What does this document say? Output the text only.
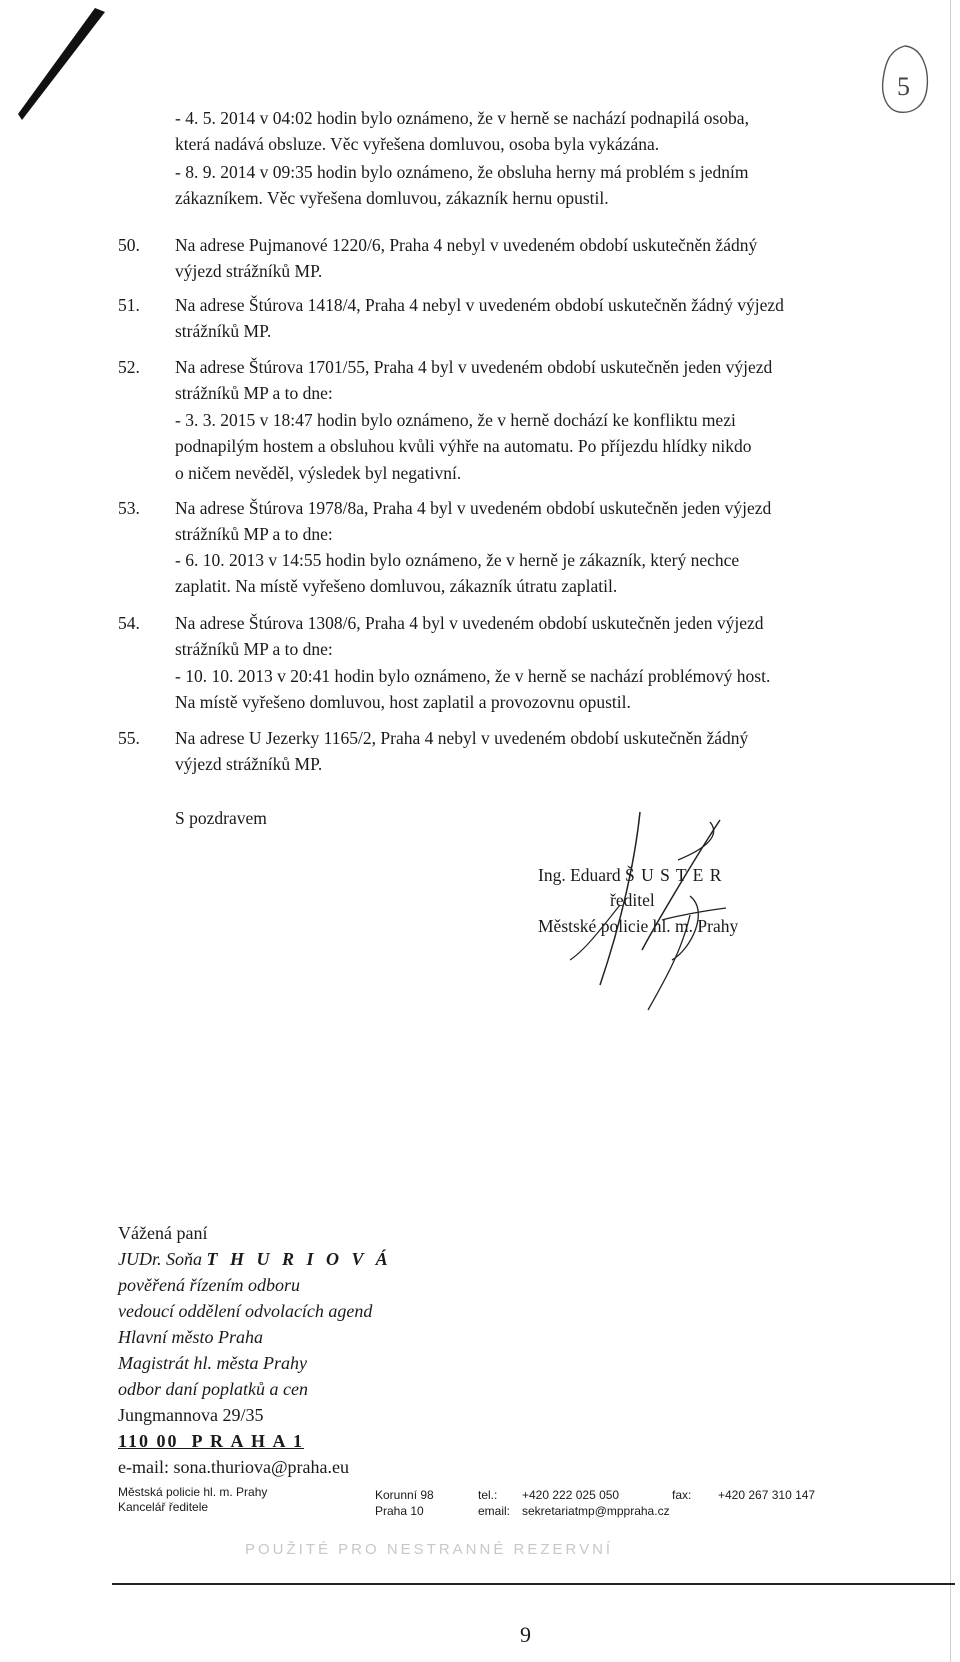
5
- 4. 5. 2014 v 04:02 hodin bylo oznámeno, že v herně se nachází podnapilá osoba,
která nadává obsluze. Věc vyřešena domluvou, osoba byla vykázána.
- 8. 9. 2014 v 09:35 hodin bylo oznámeno, že obsluha herny má problém s jedním
zákazníkem. Věc vyřešena domluvou, zákazník hernu opustil.
50. Na adrese Pujmanové 1220/6, Praha 4 nebyl v uvedeném období uskutečněn žádný
výjezd strážníků MP.
51. Na adrese Štúrova 1418/4, Praha 4 nebyl v uvedeném období uskutečněn žádný výjezd
strážníků MP.
52. Na adrese Štúrova 1701/55, Praha 4 byl v uvedeném období uskutečněn jeden výjezd
strážníků MP a to dne:
- 3. 3. 2015 v 18:47 hodin bylo oznámeno, že v herně dochází ke konfliktu mezi
podnapilým hostem a obsluhou kvůli výhře na automatu. Po příjezdu hlídky nikdo
o ničem nevěděl, výsledek byl negativní.
53. Na adrese Štúrova 1978/8a, Praha 4 byl v uvedeném období uskutečněn jeden výjezd
strážníků MP a to dne:
- 6. 10. 2013 v 14:55 hodin bylo oznámeno, že v herně je zákazník, který nechce
zaplatit. Na místě vyřešeno domluvou, zákazník útratu zaplatil.
54. Na adrese Štúrova 1308/6, Praha 4 byl v uvedeném období uskutečněn jeden výjezd
strážníků MP a to dne:
- 10. 10. 2013 v 20:41 hodin bylo oznámeno, že v herně se nachází problémový host.
Na místě vyřešeno domluvou, host zaplatil a provozovnu opustil.
55. Na adrese U Jezerky 1165/2, Praha 4 nebyl v uvedeném období uskutečněn žádný
výjezd strážníků MP.
S pozdravem
Ing. Eduard Š U S T E R
ředitel
Městské policie hl. m. Prahy
Vážená paní
JUDr. Soňa T H U R I O V Á
pověřená řízením odboru
vedoucí oddělení odvolacích agend
Hlavní město Praha
Magistrát hl. města Prahy
odbor daní poplatků a cen
Jungmannova 29/35
110 00  P R A H A 1
e-mail: sona.thuriova@praha.eu
Městská policie hl. m. Prahy
Kancelář ředitele
Korunní 98
Praha 10
tel.: +420 222 025 050	fax: +420 267 310 147
email: sekretariatmp@mppraha.cz
POUŽITÉ PRO NESTRANNÉ REZERVNÍ
9
